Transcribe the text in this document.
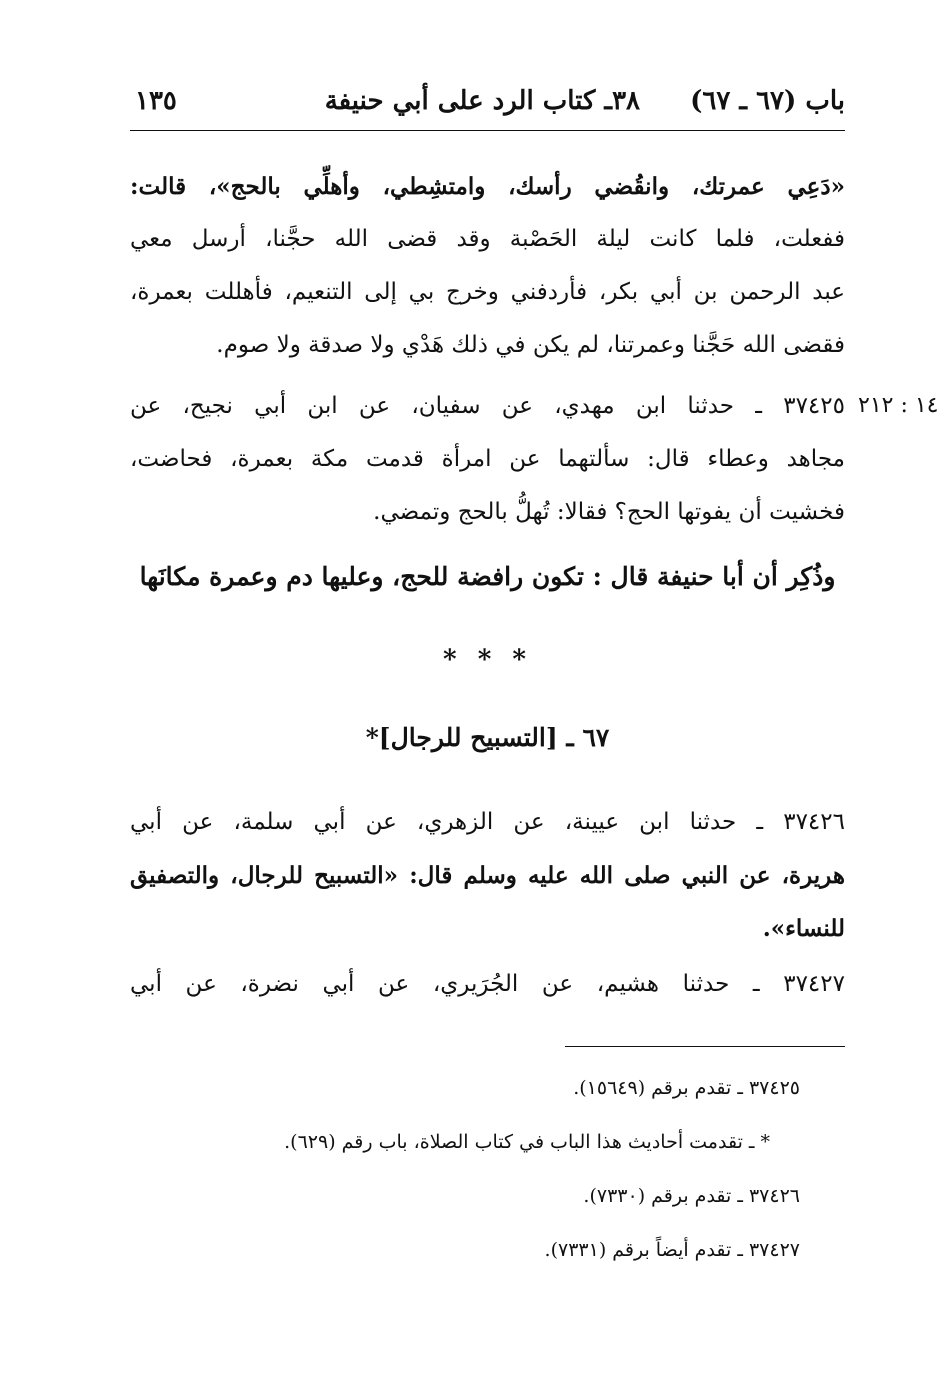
باب (٦٧ ـ ٦٧)
٣٨ـ كتاب الرد على أبي حنيفة
١٣٥
«دَعِي عمرتك، وانقُضي رأسك، وامتشِطي، وأهلِّي بالحج»، قالت:
ففعلت، فلما كانت ليلة الحَصْبة وقد قضى الله حجَّنا، أرسل معي
عبد الرحمن بن أبي بكر، فأردفني وخرج بي إلى التنعيم، فأهللت بعمرة،
فقضى الله حَجَّنا وعمرتنا، لم يكن في ذلك هَدْي ولا صدقة ولا صوم.
١٤ : ٢١٢
٣٧٤٢٥ ـ حدثنا ابن مهدي، عن سفيان، عن ابن أبي نجيح، عن
مجاهد وعطاء قال: سألتهما عن امرأة قدمت مكة بعمرة، فحاضت،
فخشيت أن يفوتها الحج؟ فقالا: تُهلُّ بالحج وتمضي.
وذُكِر أن أبا حنيفة قال : تكون رافضة للحج، وعليها دم وعمرة مكانَها
* * *
٦٧ ـ [التسبيح للرجال]*
٣٧٤٢٦ ـ حدثنا ابن عيينة، عن الزهري، عن أبي سلمة، عن أبي
هريرة، عن النبي صلى الله عليه وسلم قال: «التسبيح للرجال، والتصفيق
للنساء».
٣٧٤٢٧ ـ حدثنا هشيم، عن الجُرَيري، عن أبي نضرة، عن أبي
٣٧٤٢٥ ـ تقدم برقم (١٥٦٤٩).
* ـ تقدمت أحاديث هذا الباب في كتاب الصلاة، باب رقم (٦٢٩).
٣٧٤٢٦ ـ تقدم برقم (٧٣٣٠).
٣٧٤٢٧ ـ تقدم أيضاً برقم (٧٣٣١).
